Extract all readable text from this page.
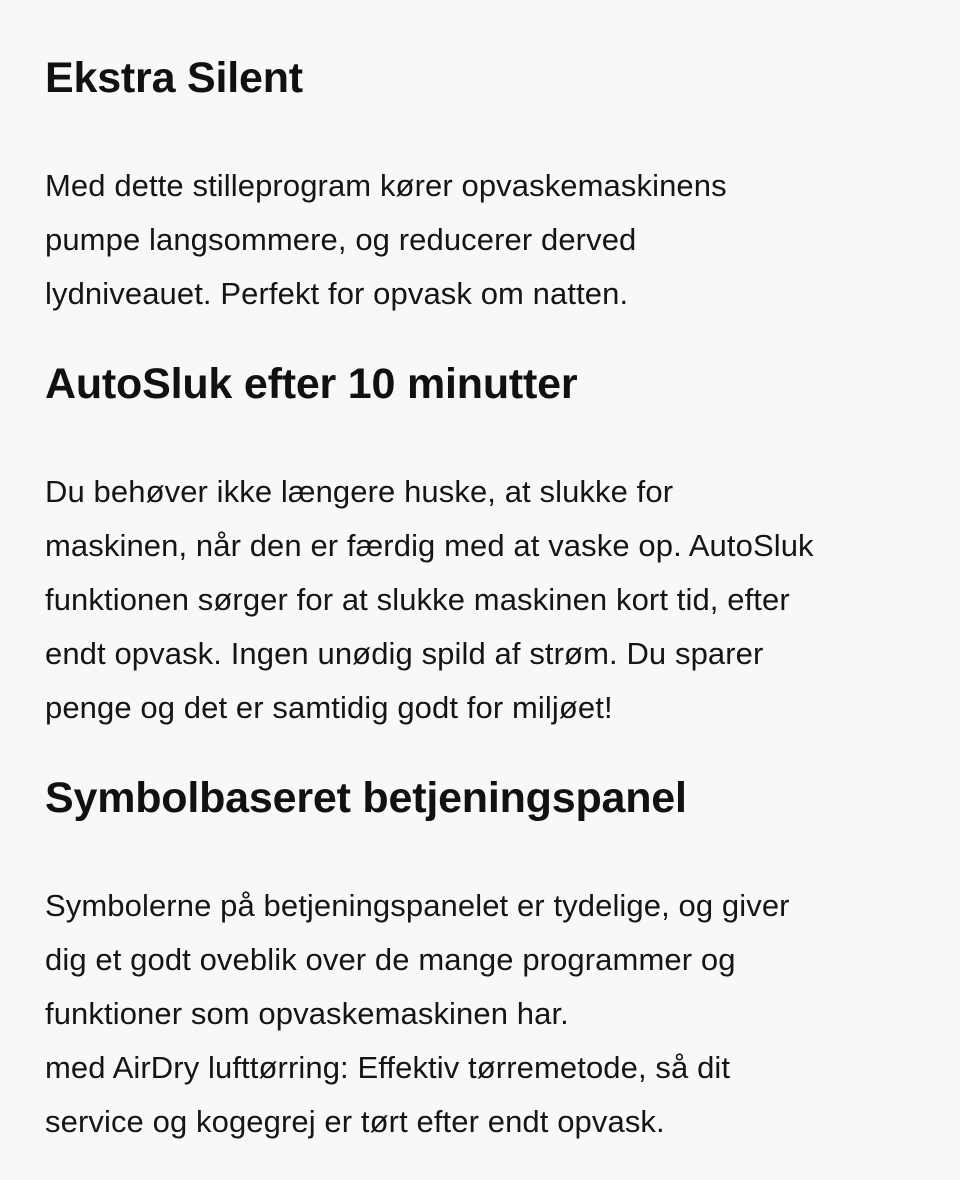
Ekstra Silent

Med dette stilleprogram kører opvaskemaskinens
pumpe langsommere, og reducerer derved
lydniveauet. Perfekt for opvask om natten.

AutoSluk efter 10 minutter

Du behøver ikke længere huske, at slukke for
maskinen, når den er færdig med at vaske op. AutoSluk
funktionen sørger for at slukke maskinen kort tid, efter
endt opvask. Ingen unødig spild af strøm. Du sparer
penge og det er samtidig godt for miljøet!

Symbolbaseret betjeningspanel

Symbolerne på betjeningspanelet er tydelige, og giver
dig et godt oveblik over de mange programmer og
funktioner som opvaskemaskinen har.
med AirDry lufttørring: Effektiv tørremetode, så dit
service og kogegrej er tørt efter endt opvask.
